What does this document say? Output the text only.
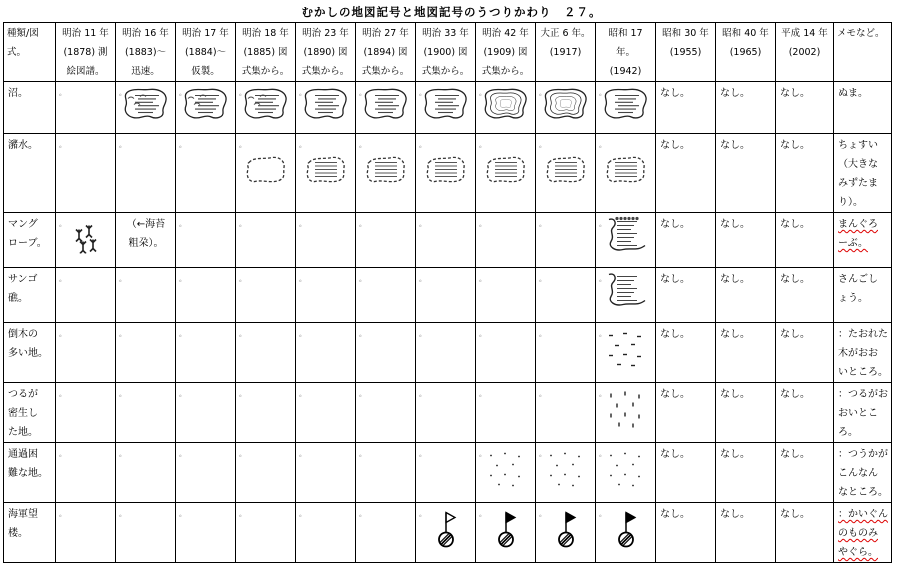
むかしの地図記号と地図記号のうつりかわり　２７。
種類/図
式。	明治 11 年
(1878) 測
絵図譜。	明治 16 年
(1883)～
迅速。	明治 17 年
(1884)～
仮製。	明治 18 年
(1885) 図
式集から。	明治 23 年
(1890) 図
式集から。	明治 27 年
(1894) 図
式集から。	明治 33 年
(1900) 図
式集から。	明治 42 年
(1909) 図
式集から。	大正 6 年。
(1917)	昭和 17 年。
(1942)	昭和 30 年
(1955)	昭和 40 年
(1965)	平成 14 年
(2002)	メモなど。

沼。	。	。	。	。	。	。	。	。	。	。	なし。	なし。	なし。	ぬま。

瀦水。	。	。	。	。	。	。	。	。	。	。	なし。	なし。	なし。	ちょすい
（大きな
みずたま
り）。

マング
ローブ。	。	（←海苔
粗朶）。	。	。	。	。	。	。	。	。	なし。	なし。	なし。	まんぐろ
ーぶ。

サンゴ
礁。	。	。	。	。	。	。	。	。	。	。	なし。	なし。	なし。	さんごし
ょう。

倒木の
多い地。	。	。	。	。	。	。	。	。	。	。	なし。	なし。	なし。	：たおれた
木がおお
いところ。

つるが
密生し
た地。	。	。	。	。	。	。	。	。	。	。	なし。	なし。	なし。	：つるがお
おいとこ
ろ。

通過困
難な地。	。	。	。	。	。	。	。	。	。	。	なし。	なし。	なし。	：つうかが
こんなん
なところ。

海軍望
楼。	。	。	。	。	。	。	。	。	。	。	なし。	なし。	なし。	：かいぐん
のものみ
やぐら。
